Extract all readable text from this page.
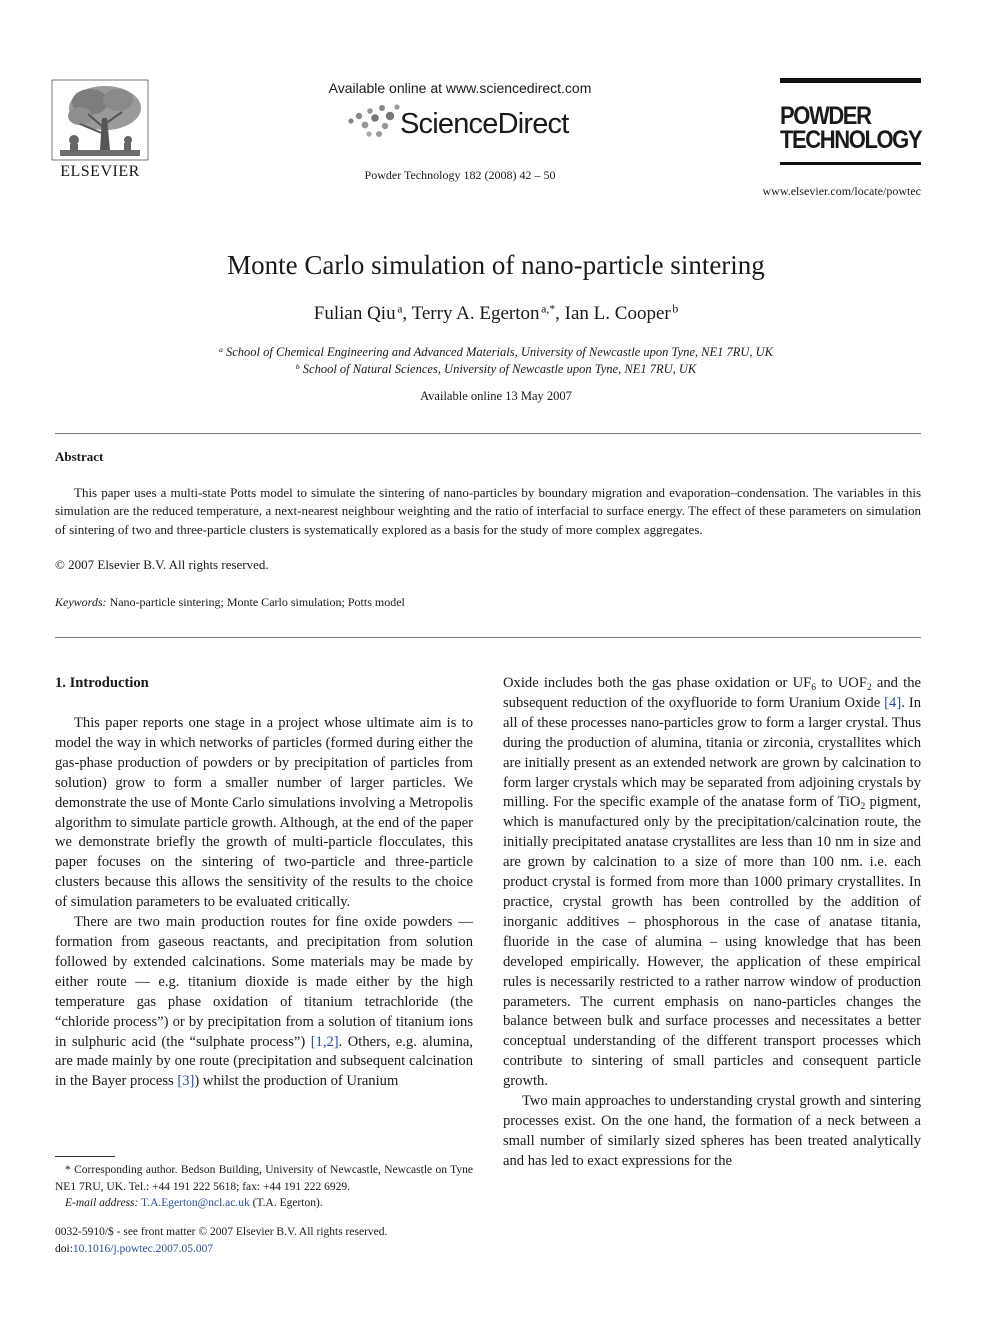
ELSEVIER
Available online at www.sciencedirect.com
ScienceDirect
Powder Technology 182 (2008) 42 – 50
POWDER
TECHNOLOGY
www.elsevier.com/locate/powtec
Monte Carlo simulation of nano-particle sintering
Fulian Qiu  $^a$, Terry A. Egerton  $^{a,*}$, Ian L. Cooper  $^b$
$^a$ School of Chemical Engineering and Advanced Materials, University of Newcastle upon Tyne, NE1 7RU, UK
$^b$ School of Natural Sciences, University of Newcastle upon Tyne, NE1 7RU, UK
Available online 13 May 2007
Abstract
This paper uses a multi-state Potts model to simulate the sintering of nano-particles by boundary migration and evaporation–condensation. The variables in this simulation are the reduced temperature, a next-nearest neighbour weighting and the ratio of interfacial to surface energy. The effect of these parameters on simulation of sintering of two and three-particle clusters is systematically explored as a basis for the study of more complex aggregates.
© 2007 Elsevier B.V. All rights reserved.
Keywords: Nano-particle sintering; Monte Carlo simulation; Potts model
1. Introduction

This paper reports one stage in a project whose ultimate aim is to model the way in which networks of particles (formed during either the gas-phase production of powders or by precipitation of particles from solution) grow to form a smaller number of larger particles. We demonstrate the use of Monte Carlo simulations involving a Metropolis algorithm to simulate particle growth. Although, at the end of the paper we demonstrate briefly the growth of multi-particle flocculates, this paper focuses on the sintering of two-particle and three-particle clusters because this allows the sensitivity of the results to the choice of simulation parameters to be evaluated critically.

There are two main production routes for fine oxide powders — formation from gaseous reactants, and precipitation from solution followed by extended calcinations. Some materials may be made by either route — e.g. titanium dioxide is made either by the high temperature gas phase oxidation of titanium tetrachloride (the “chloride process”) or by precipitation from a solution of titanium ions in sulphuric acid (the “sulphate process”) [1,2]. Others, e.g. alumina, are made mainly by one route (precipitation and subsequent calcination in the Bayer process [3]) whilst the production of Uranium

Oxide includes both the gas phase oxidation or $UF_6$ to $UOF_2$ and the subsequent reduction of the oxyfluoride to form Uranium Oxide [4]. In all of these processes nano-particles grow to form a larger crystal. Thus during the production of alumina, titania or zirconia, crystallites which are initially present as an extended network are grown by calcination to form larger crystals which may be separated from adjoining crystals by milling. For the specific example of the anatase form of TiO$_2$ pigment, which is manufactured only by the precipitation/calcination route, the initially precipitated anatase crystallites are less than 10 nm in size and are grown by calcination to a size of more than 100 nm. i.e. each product crystal is formed from more than 1000 primary crystallites. In practice, crystal growth has been controlled by the addition of inorganic additives – phosphorous in the case of anatase titania, fluoride in the case of alumina – using knowledge that has been developed empirically. However, the application of these empirical rules is necessarily restricted to a rather narrow window of production parameters. The current emphasis on nano-particles changes the balance between bulk and surface processes and necessitates a better conceptual understanding of the different transport processes which contribute to sintering of small particles and consequent particle growth.

Two main approaches to understanding crystal growth and sintering processes exist. On the one hand, the formation of a neck between a small number of similarly sized spheres has been treated analytically and has led to exact expressions for the

* Corresponding author. Bedson Building, University of Newcastle, Newcastle on Tyne NE1 7RU, UK. Tel.: +44 191 222 5618; fax: +44 191 222 6929.

E-mail address: T.A.Egerton@ncl.ac.uk (T.A. Egerton).

0032-5910/$ - see front matter © 2007 Elsevier B.V. All rights reserved.

doi:10.1016/j.powtec.2007.05.007
